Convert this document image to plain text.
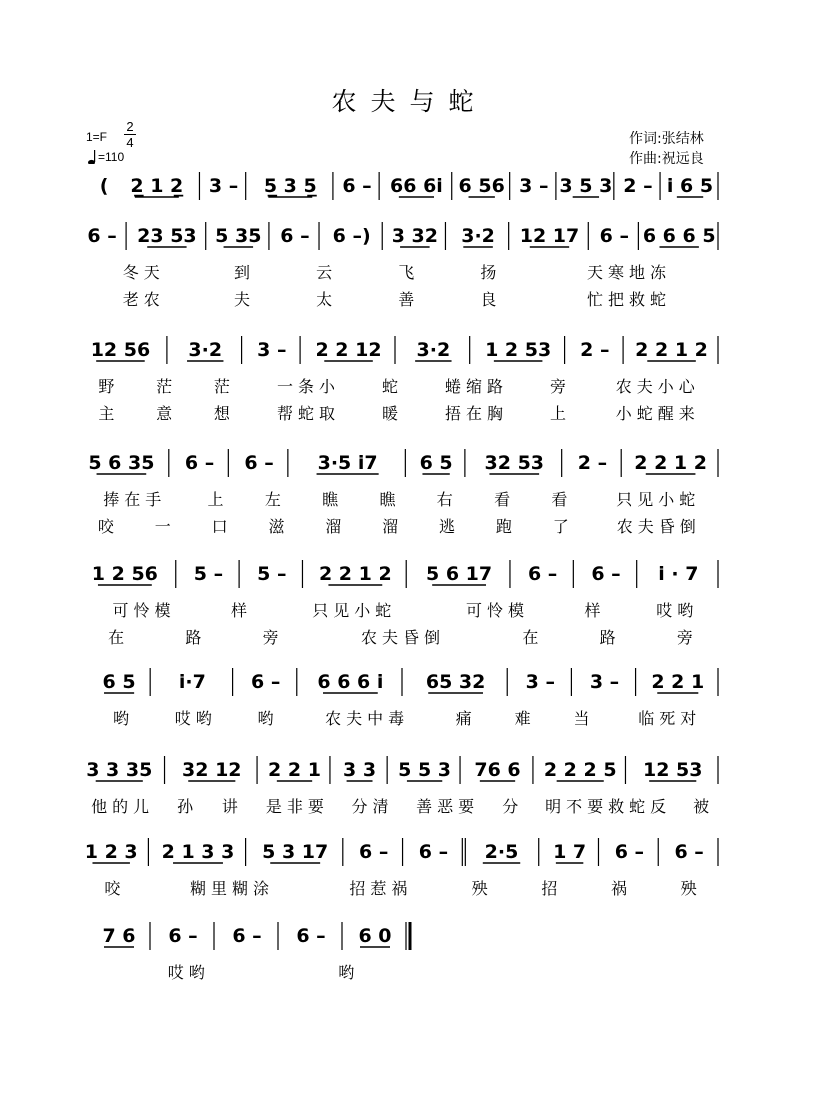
农夫与蛇
1=F
2
4
=110
作词:张结林
作曲:祝远良
( 2̲ 1 2̲ 3 – 5̲ 3 5̲ 6 – 66 6i 6 56 3 – 3 5 3 2 – i 6 5
6 – 23 53 5 35 6 – 6 –) 3 32 3·2 12 17 6 – 6 6 6 5
冬天	到	云	飞	扬	天寒地冻
老农	夫	太	善	良	忙把救蛇
12 56 3·2 3 – 2 2 12 3·2 1 2 53 2 – 2 2 1 2
野 茫 茫	一条小	蛇	蜷缩路	旁	农夫小心
主 意 想	帮蛇取	暖	捂在胸	上	小蛇醒来
5 6 35 6 – 6 – 3·5 i7 6 5 32 53 2 – 2 2 1 2
捧在手	上 左 瞧 瞧 右 看 看	只见小蛇
咬 一 口 滋 溜 溜 逃 跑 了	农夫昏倒
1 2 56 5 – 5 – 2 2 1 2 5 6 17 6 – 6 – i · 7
可怜模	样	只见小蛇	可怜模	样	哎哟
在	路	旁	农夫昏倒	在	路	旁
6 5 i·7 6 – 6 6 6 i 65 32 3 – 3 – 2 2 1
哟	哎哟	哟	农夫中毒	痛 难 当	临死对
3 3 35 32 12 2 2 1 3 3 5 5 3 76 6 2 2 2 5 12 53
他的儿 孙 讲 是非要 分清 善恶要 分 明不要救蛇反 被
1 2 3 2 1 3 3 5 3 17 6 – 6 – 2·5 1 7 6 – 6 –
咬	糊里糊涂	招惹祸	殃	招	祸	殃
7 6 6 – 6 – 6 – 6 0
哎哟	哟
